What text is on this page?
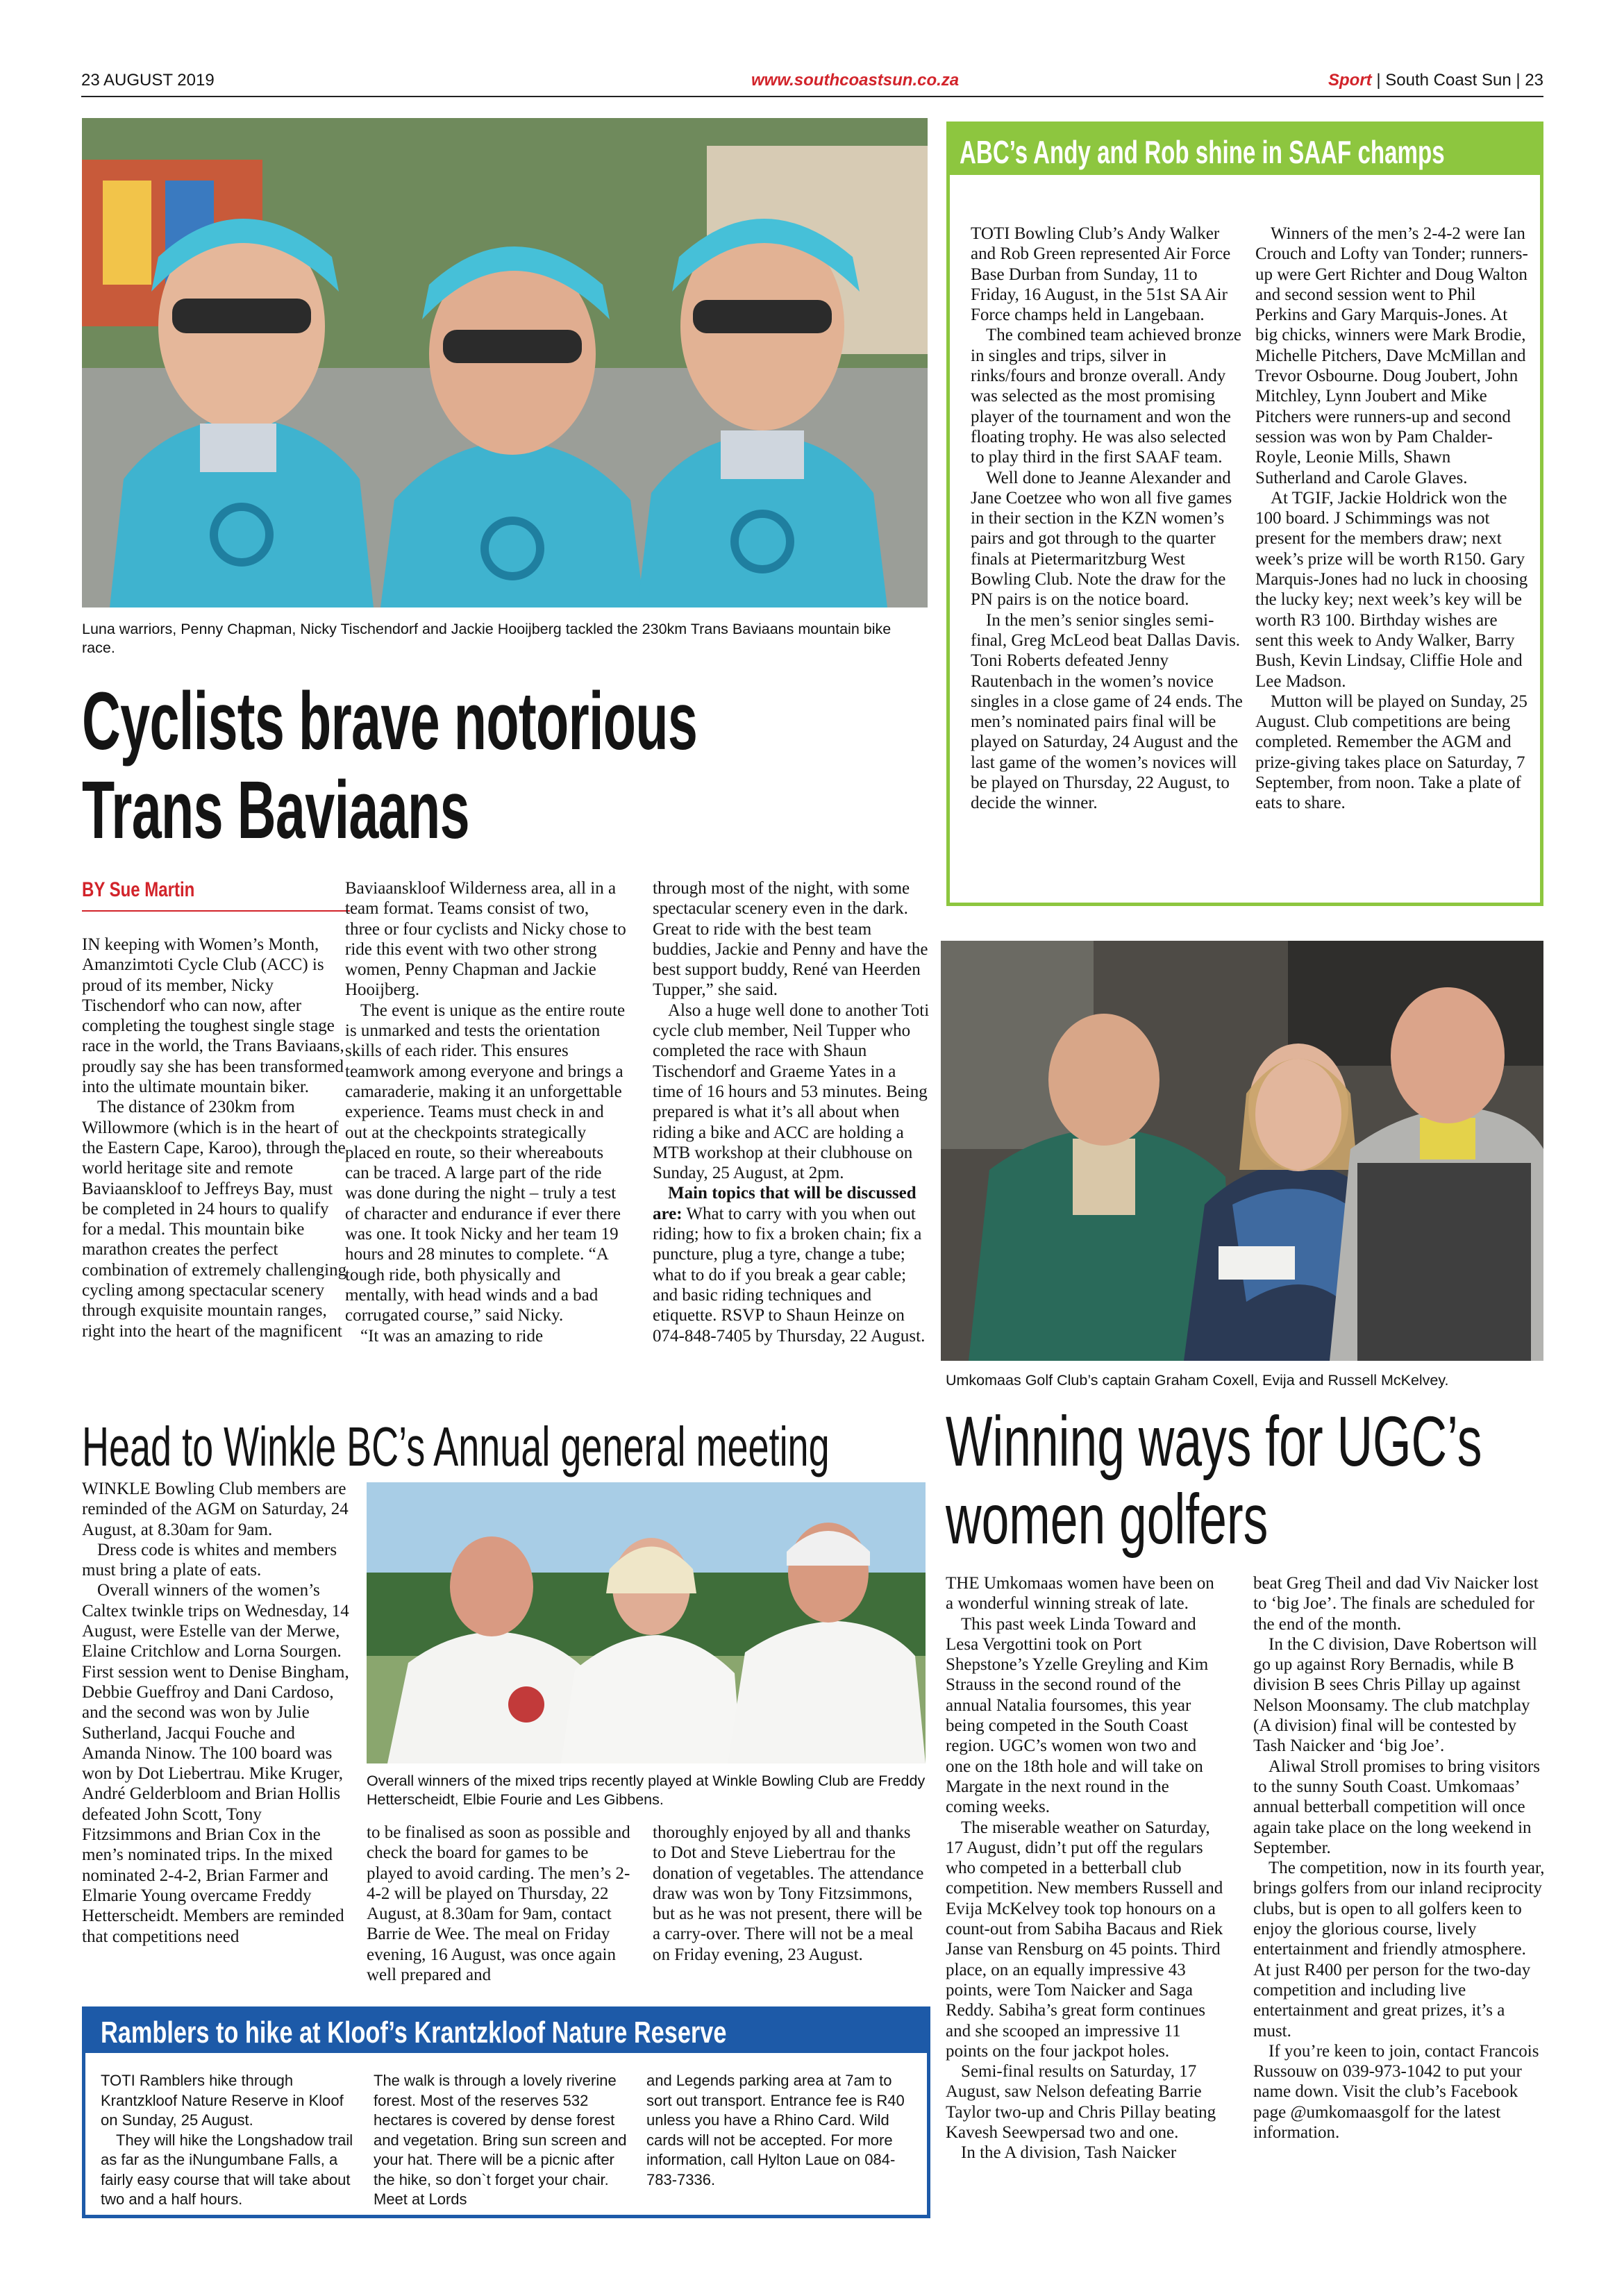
23 AUGUST 2019	www.southcoastsun.co.za	Sport | South Coast Sun | 23
Luna warriors, Penny Chapman, Nicky Tischendorf and Jackie Hooijberg tackled the 230km Trans Baviaans mountain bike race.
Cyclists brave notorious
Trans Baviaans
BY Sue Martin

IN keeping with Women’s Month, Amanzimtoti Cycle Club (ACC) is proud of its member, Nicky Tischendorf who can now, after completing the toughest single stage race in the world, the Trans Baviaans, proudly say she has been transformed into the ultimate mountain biker.

The distance of 230km from Willowmore (which is in the heart of the Eastern Cape, Karoo), through the world heritage site and remote Baviaanskloof to Jeffreys Bay, must be completed in 24 hours to qualify for a medal. This mountain bike marathon creates the perfect combination of extremely challenging cycling among spectacular scenery through exquisite mountain ranges, right into the heart of the magnificent

Baviaanskloof Wilderness area, all in a team format. Teams consist of two, three or four cyclists and Nicky chose to ride this event with two other strong women, Penny Chapman and Jackie Hooijberg.

The event is unique as the entire route is unmarked and tests the orientation skills of each rider. This ensures teamwork among everyone and brings a camaraderie, making it an unforgettable experience. Teams must check in and out at the checkpoints strategically placed en route, so their whereabouts can be traced. A large part of the ride was done during the night – truly a test of character and endurance if ever there was one. It took Nicky and her team 19 hours and 28 minutes to complete. “A tough ride, both physically and mentally, with head winds and a bad corrugated course,” said Nicky.

“It was an amazing to ride

through most of the night, with some spectacular scenery even in the dark. Great to ride with the best team buddies, Jackie and Penny and have the best support buddy, René van Heerden Tupper,” she said.

Also a huge well done to another Toti cycle club member, Neil Tupper who completed the race with Shaun Tischendorf and Graeme Yates in a time of 16 hours and 53 minutes. Being prepared is what it’s all about when riding a bike and ACC are holding a MTB workshop at their clubhouse on Sunday, 25 August, at 2pm.

Main topics that will be discussed are: What to carry with you when out riding; how to fix a broken chain; fix a puncture, plug a tyre, change a tube; what to do if you break a gear cable; and basic riding techniques and etiquette. RSVP to Shaun Heinze on 074-848-7405 by Thursday, 22 August.

ABC’s Andy and Rob shine in SAAF champs

TOTI Bowling Club’s Andy Walker and Rob Green represented Air Force Base Durban from Sunday, 11 to Friday, 16 August, in the 51st SA Air Force champs held in Langebaan.

The combined team achieved bronze in singles and trips, silver in rinks/fours and bronze overall. Andy was selected as the most promising player of the tournament and won the floating trophy. He was also selected to play third in the first SAAF team.

Well done to Jeanne Alexander and Jane Coetzee who won all five games in their section in the KZN women’s pairs and got through to the quarter finals at Pietermaritzburg West Bowling Club. Note the draw for the PN pairs is on the notice board.

In the men’s senior singles semi-final, Greg McLeod beat Dallas Davis. Toni Roberts defeated Jenny Rautenbach in the women’s novice singles in a close game of 24 ends. The men’s nominated pairs final will be played on Saturday, 24 August and the last game of the women’s novices will be played on Thursday, 22 August, to decide the winner.

Winners of the men’s 2-4-2 were Ian Crouch and Lofty van Tonder; runners-up were Gert Richter and Doug Walton and second session went to Phil Perkins and Gary Marquis-Jones. At big chicks, winners were Mark Brodie, Michelle Pitchers, Dave McMillan and Trevor Osbourne. Doug Joubert, John Mitchley, Lynn Joubert and Mike Pitchers were runners-up and second session was won by Pam Chalder-Royle, Leonie Mills, Shawn Sutherland and Carole Glaves.

At TGIF, Jackie Holdrick won the 100 board. J Schimmings was not present for the members draw; next week’s prize will be worth R150. Gary Marquis-Jones had no luck in choosing the lucky key; next week’s key will be worth R3 100. Birthday wishes are sent this week to Andy Walker, Barry Bush, Kevin Lindsay, Cliffie Hole and Lee Madson.

Mutton will be played on Sunday, 25 August. Club competitions are being completed. Remember the AGM and prize-giving takes place on Saturday, 7 September, from noon. Take a plate of eats to share.

Umkomaas Golf Club’s captain Graham Coxell, Evija and Russell McKelvey.
Winning ways for UGC’s
women golfers

THE Umkomaas women have been on a wonderful winning streak of late.

This past week Linda Toward and Lesa Vergottini took on Port Shepstone’s Yzelle Greyling and Kim Strauss in the second round of the annual Natalia foursomes, this year being competed in the South Coast region. UGC’s women won two and one on the 18th hole and will take on Margate in the next round in the coming weeks.

The miserable weather on Saturday, 17 August, didn’t put off the regulars who competed in a betterball club competition. New members Russell and Evija McKelvey took top honours on a count-out from Sabiha Bacaus and Riek Janse van Rensburg on 45 points. Third place, on an equally impressive 43 points, were Tom Naicker and Saga Reddy. Sabiha’s great form continues and she scooped an impressive 11 points on the four jackpot holes.

Semi-final results on Saturday, 17 August, saw Nelson defeating Barrie Taylor two-up and Chris Pillay beating Kavesh Seewpersad two and one.

In the A division, Tash Naicker

beat Greg Theil and dad Viv Naicker lost to ‘big Joe’. The finals are scheduled for the end of the month.

In the C division, Dave Robertson will go up against Rory Bernadis, while B division B sees Chris Pillay up against Nelson Moonsamy. The club matchplay (A division) final will be contested by Tash Naicker and ‘big Joe’.

Aliwal Stroll promises to bring visitors to the sunny South Coast. Umkomaas’ annual betterball competition will once again take place on the long weekend in September.

The competition, now in its fourth year, brings golfers from our inland reciprocity clubs, but is open to all golfers keen to enjoy the glorious course, lively entertainment and friendly atmosphere. At just R400 per person for the two-day competition and including live entertainment and great prizes, it’s a must.

If you’re keen to join, contact Francois Russouw on 039-973-1042 to put your name down. Visit the club’s Facebook page @umkomaasgolf for the latest information.

Head to Winkle BC’s Annual general meeting

WINKLE Bowling Club members are reminded of the AGM on Saturday, 24 August, at 8.30am for 9am.

Dress code is whites and members must bring a plate of eats.

Overall winners of the women’s Caltex twinkle trips on Wednesday, 14 August, were Estelle van der Merwe, Elaine Critchlow and Lorna Sourgen. First session went to Denise Bingham, Debbie Gueffroy and Dani Cardoso, and the second was won by Julie Sutherland, Jacqui Fouche and Amanda Ninow. The 100 board was won by Dot Liebertrau. Mike Kruger, André Gelderbloom and Brian Hollis defeated John Scott, Tony Fitzsimmons and Brian Cox in the men’s nominated trips. In the mixed nominated 2-4-2, Brian Farmer and Elmarie Young overcame Freddy Hetterscheidt. Members are reminded that competitions need

Overall winners of the mixed trips recently played at Winkle Bowling Club are Freddy Hetterscheidt, Elbie Fourie and Les Gibbens.

to be finalised as soon as possible and check the board for games to be played to avoid carding. The men’s 2-4-2 will be played on Thursday, 22 August, at 8.30am for 9am, contact Barrie de Wee. The meal on Friday evening, 16 August, was once again well prepared and

thoroughly enjoyed by all and thanks to Dot and Steve Liebertrau for the donation of vegetables. The attendance draw was won by Tony Fitzsimmons, but as he was not present, there will be a carry-over. There will not be a meal on Friday evening, 23 August.

Ramblers to hike at Kloof’s Krantzkloof Nature Reserve

TOTI Ramblers hike through Krantzkloof Nature Reserve in Kloof on Sunday, 25 August.

They will hike the Longshadow trail as far as the iNungumbane Falls, a fairly easy course that will take about two and a half hours.

The walk is through a lovely riverine forest. Most of the reserves 532 hectares is covered by dense forest and vegetation. Bring sun screen and your hat. There will be a picnic after the hike, so don`t forget your chair. Meet at Lords

and Legends parking area at 7am to sort out transport. Entrance fee is R40 unless you have a Rhino Card. Wild cards will not be accepted. For more information, call Hylton Laue on 084-783-7336.
